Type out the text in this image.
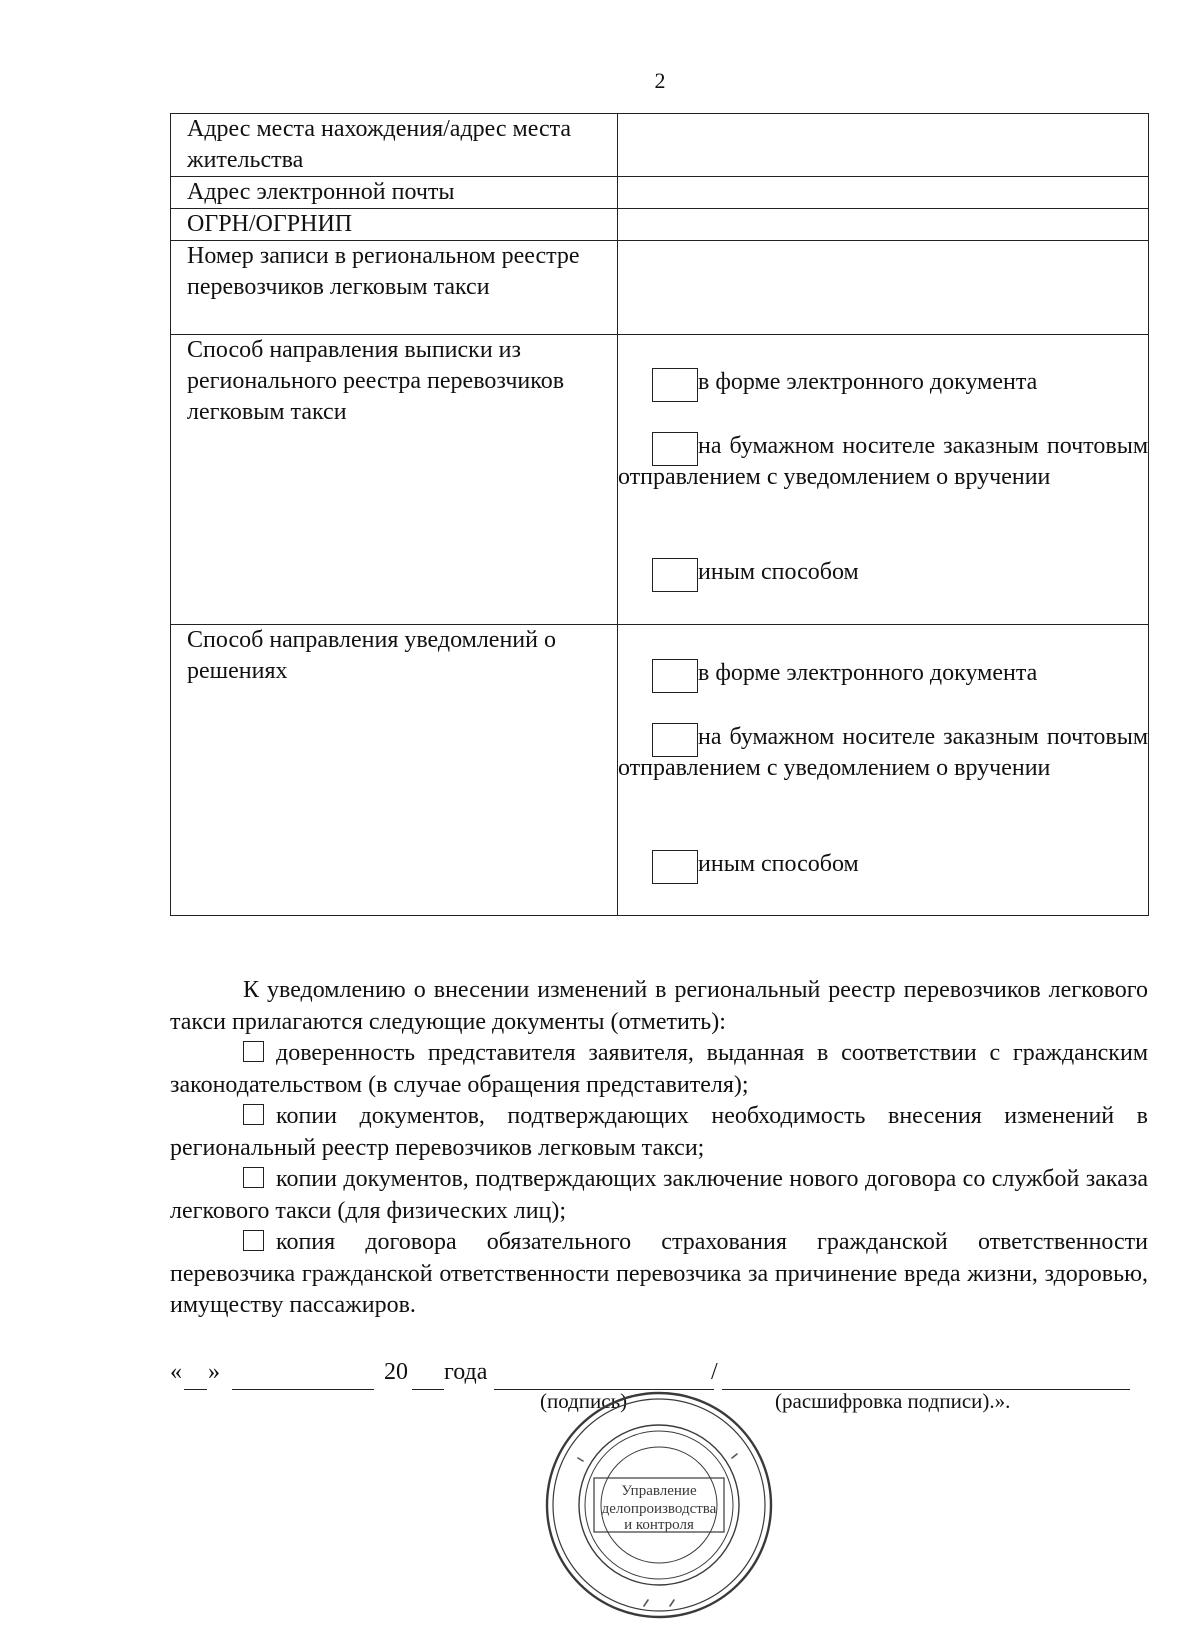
2
Адрес места нахождения/адрес места жительства	

Адрес электронной почты	

ОГРН/ОГРНИП	

Номер записи в региональном реестре перевозчиков легковым такси	

Способ направления выписки из регионального реестра перевозчиков легковым такси	в форме электронного документа
на бумажном носителе заказным почтовым отправлением с уведомлением о вручении
иным способом

Способ направления уведомлений о решениях	в форме электронного документа
на бумажном носителе заказным почтовым отправлением с уведомлением о вручении
иным способом

К уведомлению о внесении изменений в региональный реестр перевозчиков легкового такси прилагаются следующие документы (отметить):

доверенность представителя заявителя, выданная в соответствии с гражданским законодательством (в случае обращения представителя);

копии документов, подтверждающих необходимость внесения изменений в региональный реестр перевозчиков легковым такси;

копии документов, подтверждающих заключение нового договора со службой заказа легкового такси (для физических лиц);

копия договора обязательного страхования гражданской ответственности перевозчика гражданской ответственности перевозчика за причинение вреда жизни, здоровью, имуществу пассажиров.

« »	20 года	/
(подпись)	(расшифровка подписи).».
Управление
делопроизводства
и контроля
